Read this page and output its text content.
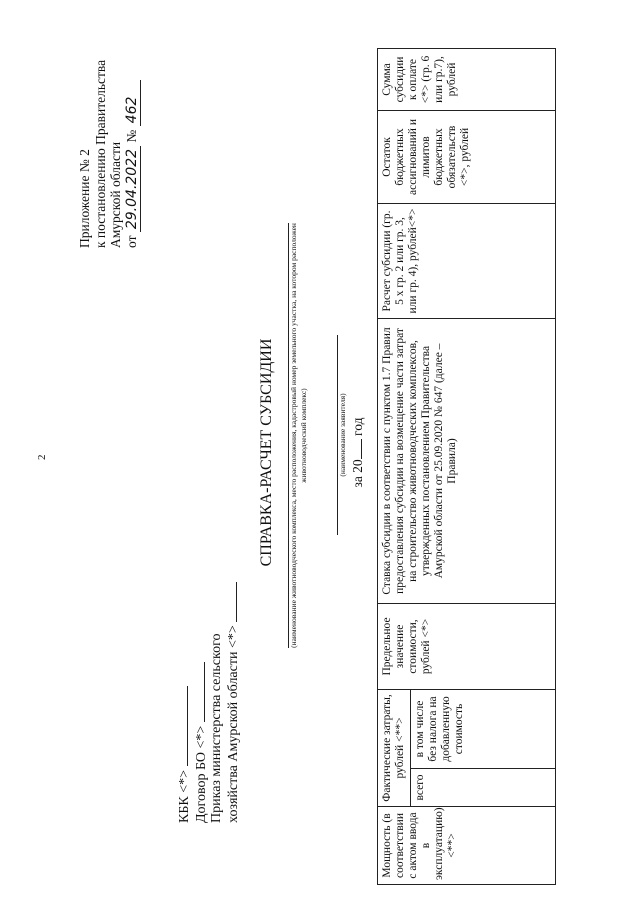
2
Приложение № 2 к постановлению Правительства Амурской области от 29.04.2022 № 462
КБК <*> Договор БО <*> Приказ министерства сельского хозяйства Амурской области <*>
СПРАВКА-РАСЧЕТ СУБСИДИИ (наименование животноводческого комплекса, место расположения, кадастровый номер земельного участка, на котором расположен животноводческий комплекс)	(наименование заявителя) за 20 год
Мощность (в соответствии с актом ввода в эксплуатацию) <**>	Фактические затраты, рублей <**>		Предельное значение стоимости, рублей <*>	Ставка субсидии в соответствии с пунктом 1.7 Правил предоставления субсидии на возмещение части затрат на строительство животноводческих комплексов, утвержденных постановлением Правительства Амурской области от 25.09.2020 № 647 (далее – Правила)	Расчет субсидии (гр. 5 х гр. 2 или гр. 3, или гр. 4), рублей<*>	Остаток бюджетных ассигнований и лимитов бюджетных обязательств <*>, рублей	Сумма субсидии к оплате <*> (гр. 6 или гр.7), рублей
	всего	в том числе без налога на добавленную стоимость					
